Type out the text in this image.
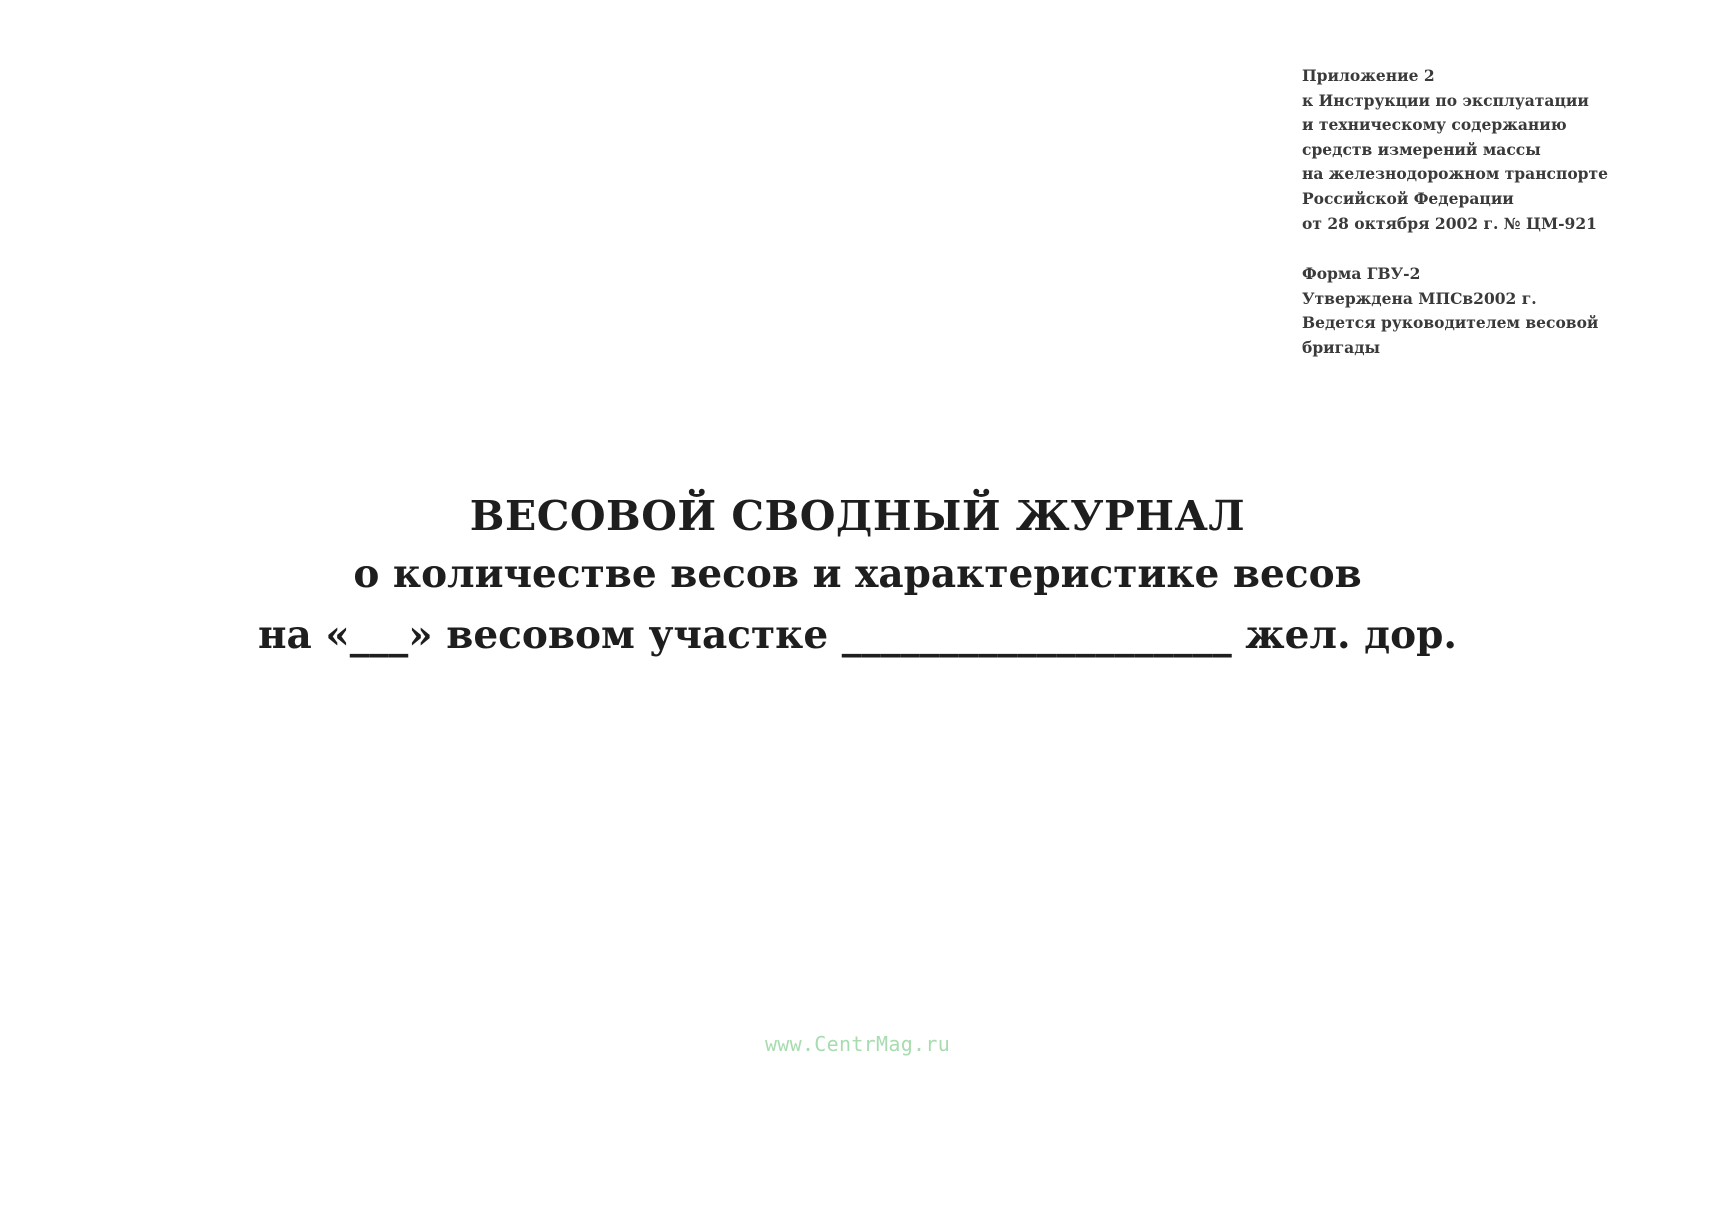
Приложение 2
к Инструкции по эксплуатации
и техническому содержанию
средств измерений массы
на железнодорожном транспорте
Российской Федерации
от 28 октября 2002 г. № ЦМ-921
Форма ГВУ-2
Утверждена МПСв2002 г.
Ведется руководителем весовой
бригады
ВЕСОВОЙ СВОДНЫЙ ЖУРНАЛ
о количестве весов и характеристике весов
на «___» весовом участке ____________________ жел. дор.
www.CentrMag.ru
